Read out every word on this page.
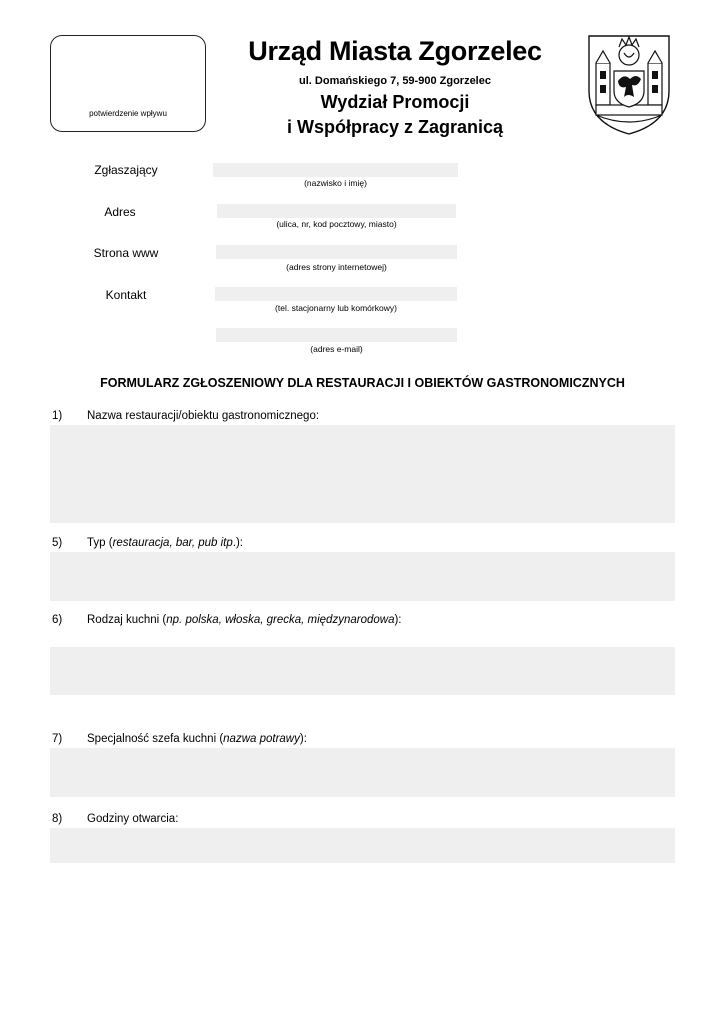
potwierdzenie wpływu
Urząd Miasta Zgorzelec
ul. Domańskiego 7, 59-900 Zgorzelec
Wydział Promocji
i Współpracy z Zagranicą
Zgłaszający
(nazwisko i imię)
Adres
(ulica, nr, kod pocztowy, miasto)
Strona www
(adres strony internetowej)
Kontakt
(tel. stacjonarny lub komórkowy)
(adres e-mail)
FORMULARZ ZGŁOSZENIOWY DLA RESTAURACJI I OBIEKTÓW GASTRONOMICZNYCH
1) Nazwa restauracji/obiektu gastronomicznego:
5) Typ (restauracja, bar, pub itp.):
6) Rodzaj kuchni (np. polska, włoska, grecka, międzynarodowa):
7) Specjalność szefa kuchni (nazwa potrawy):
8) Godziny otwarcia:
